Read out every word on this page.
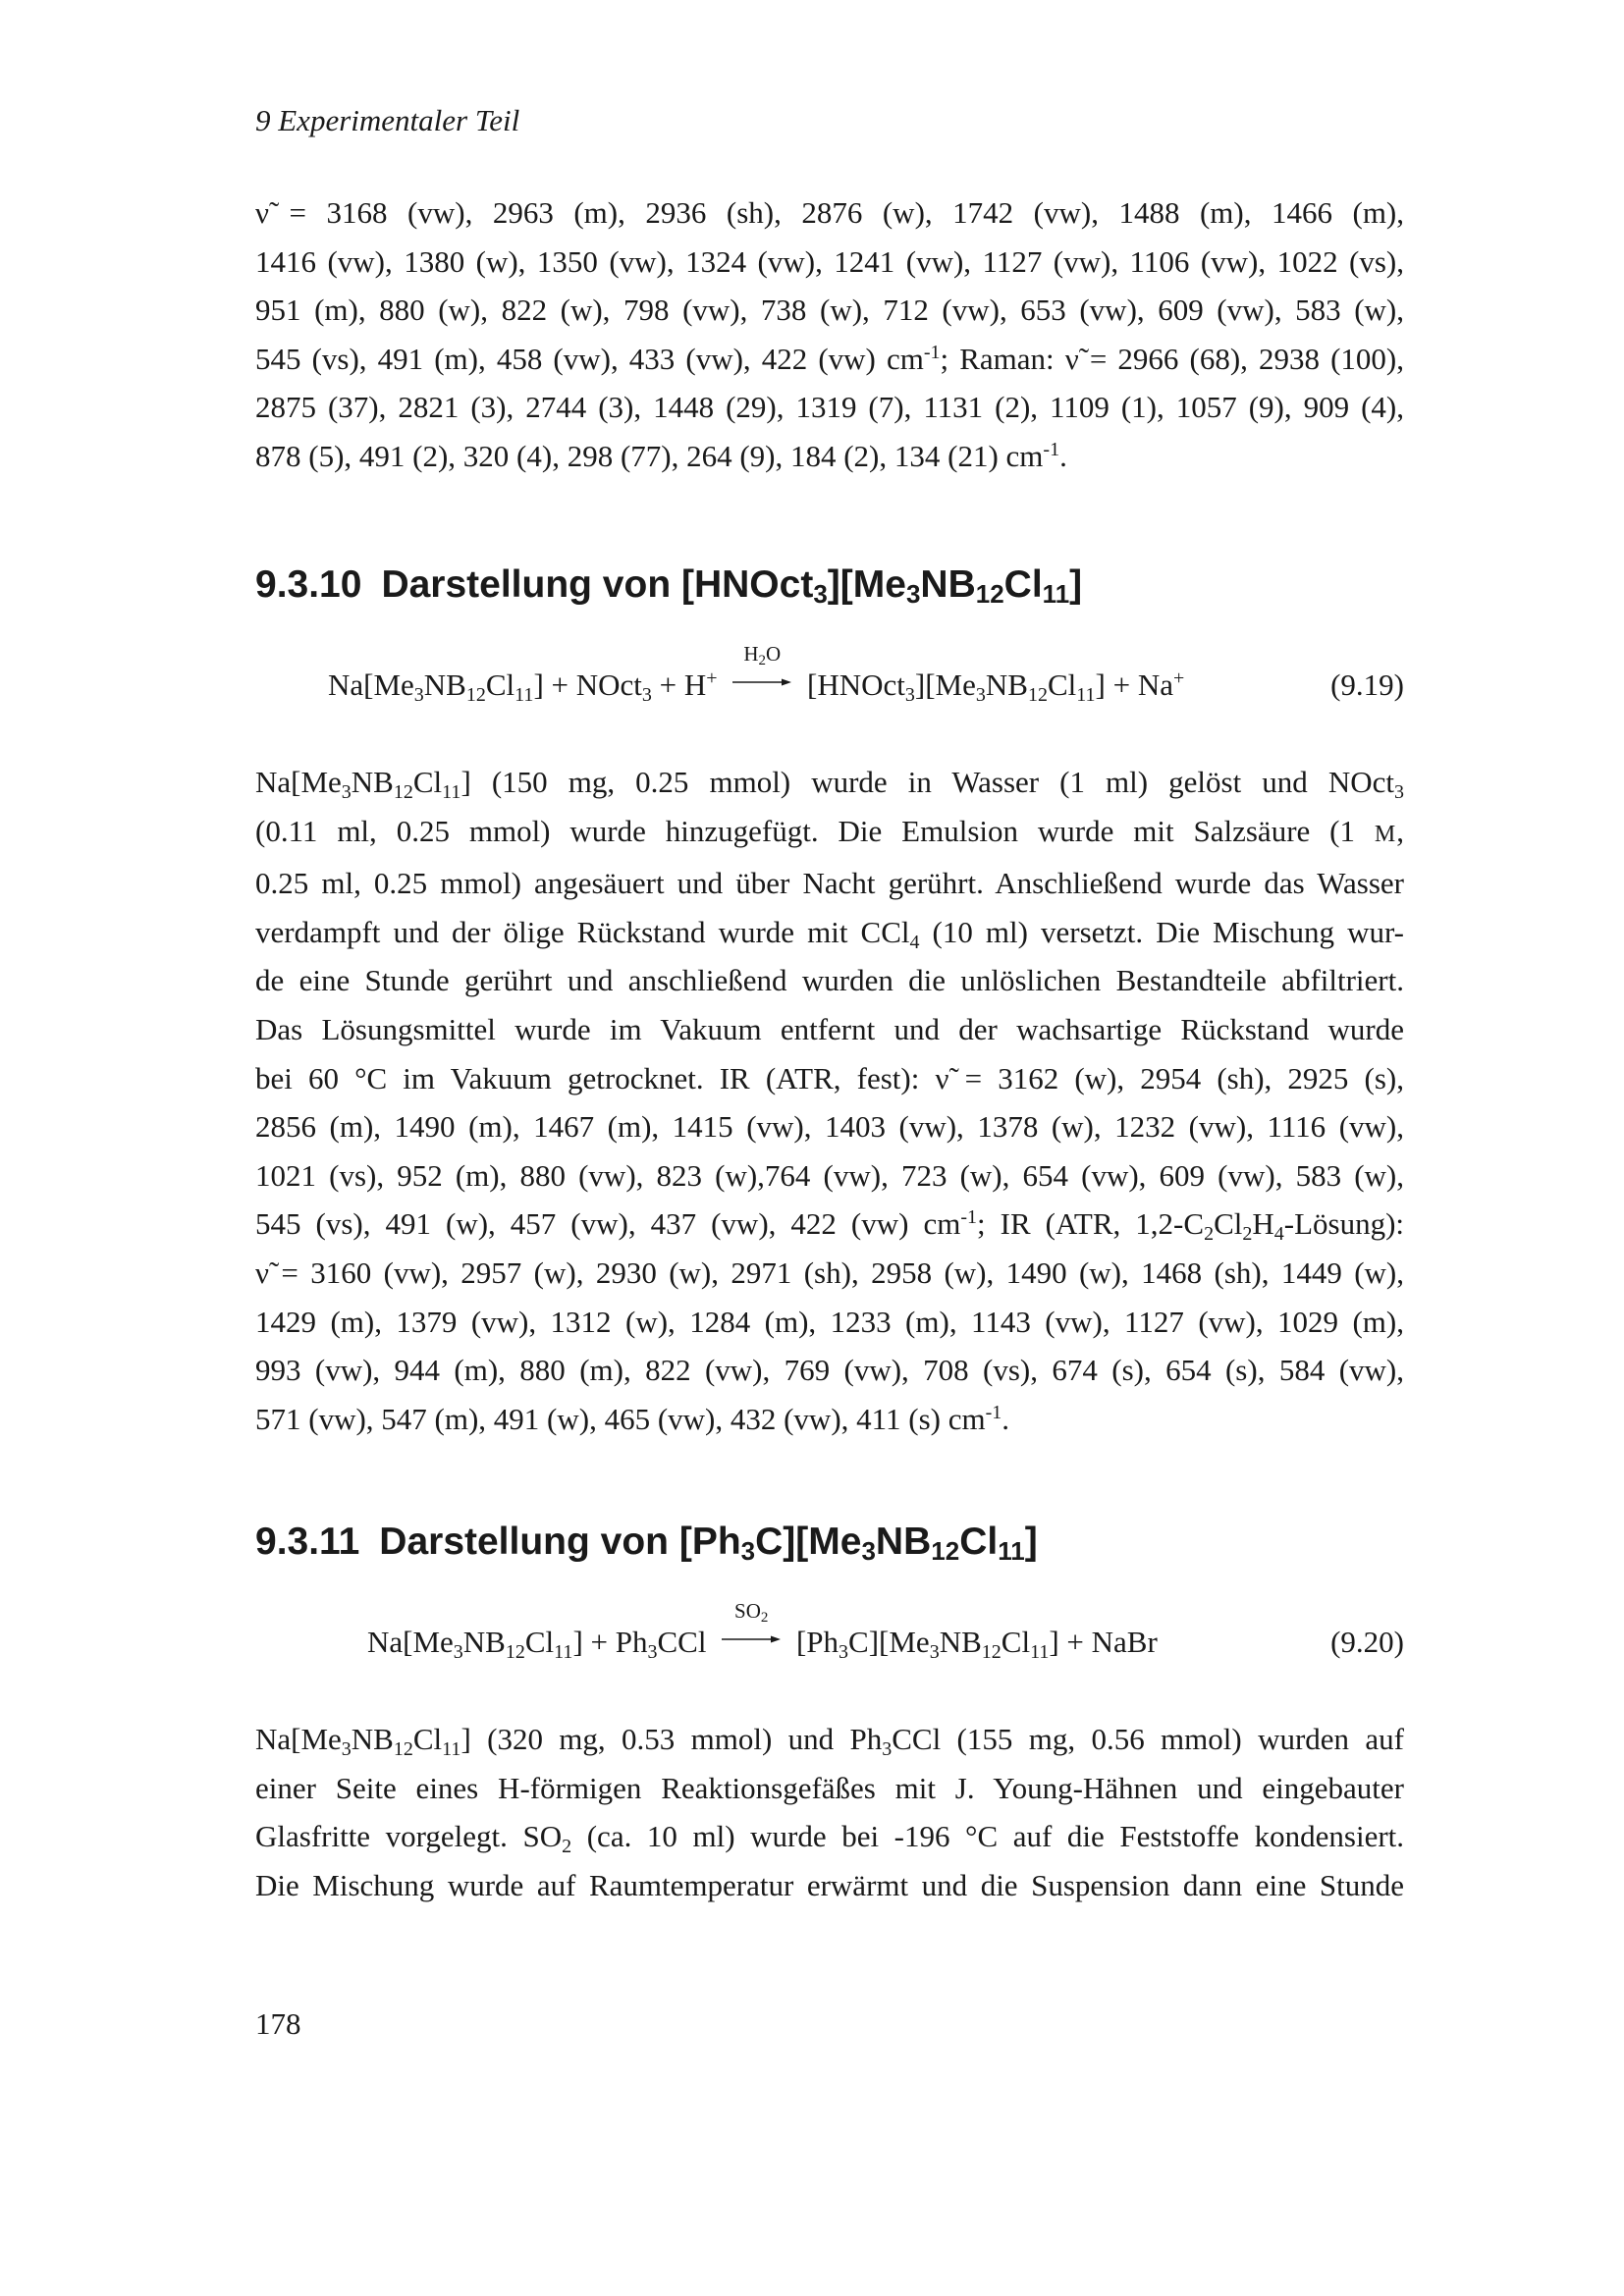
9 Experimentaler Teil

ν̃ = 3168 (vw), 2963 (m), 2936 (sh), 2876 (w), 1742 (vw), 1488 (m), 1466 (m),
1416 (vw), 1380 (w), 1350 (vw), 1324 (vw), 1241 (vw), 1127 (vw), 1106 (vw), 1022 (vs),
951 (m), 880 (w), 822 (w), 798 (vw), 738 (w), 712 (vw), 653 (vw), 609 (vw), 583 (w),
545 (vs), 491 (m), 458 (vw), 433 (vw), 422 (vw) $cm^{-1}$; Raman: ν̃ = 2966 (68), 2938 (100),
2875 (37), 2821 (3), 2744 (3), 1448 (29), 1319 (7), 1131 (2), 1109 (1), 1057 (9), 909 (4),

878 (5), 491 (2), 320 (4), 298 (77), 264 (9), 184 (2), 134 (21) $cm^{-1}$.

9.3.10 Darstellung von $[HNOct_3][Me_3NB_{12}Cl_{11}]$
$Na[Me_3NB_{12}Cl_{11}]$ + NOct$_3$ + H+
$H_2O$
$[HNOct_3][Me_3NB_{12}Cl_{11}] + Na^+$	(9.19)

$Na[Me_3NB_{12}Cl_{11}]$ (150 mg, 0.25 mmol) wurde in Wasser (1 ml) gelöst und NOct$_3$
(0.11 ml, 0.25 mmol) wurde hinzugefügt. Die Emulsion wurde mit Salzsäure (1 M,
0.25 ml, 0.25 mmol) angesäuert und über Nacht gerührt. Anschließend wurde das Wasser
verdampft und der ölige Rückstand wurde mit CCl$_4$ (10 ml) versetzt. Die Mischung wur-
de eine Stunde gerührt und anschließend wurden die unlöslichen Bestandteile abfiltriert.
Das Lösungsmittel wurde im Vakuum entfernt und der wachsartige Rückstand wurde
bei 60 °C im Vakuum getrocknet. IR (ATR, fest): ν̃ = 3162 (w), 2954 (sh), 2925 (s),
2856 (m), 1490 (m), 1467 (m), 1415 (vw), 1403 (vw), 1378 (w), 1232 (vw), 1116 (vw),
1021 (vs), 952 (m), 880 (vw), 823 (w),764 (vw), 723 (w), 654 (vw), 609 (vw), 583 (w),
545 (vs), 491 (w), 457 (vw), 437 (vw), 422 (vw) $cm^{-1}$; IR (ATR, $1,2-C_2Cl_2H_4-Lösung$):
ν̃ = 3160 (vw), 2957 (w), 2930 (w), 2971 (sh), 2958 (w), 1490 (w), 1468 (sh), 1449 (w),
1429 (m), 1379 (vw), 1312 (w), 1284 (m), 1233 (m), 1143 (vw), 1127 (vw), 1029 (m),
993 (vw), 944 (m), 880 (m), 822 (vw), 769 (vw), 708 (vs), 674 (s), 654 (s), 584 (vw),

571 (vw), 547 (m), 491 (w), 465 (vw), 432 (vw), 411 (s) $cm^{-1}$.

9.3.11 Darstellung von $[Ph_3C][Me_3NB_{12}Cl_{11}]$
$Na[Me_3NB_{12}Cl_{11}] + Ph_3CCl$
$SO_2$
$[Ph_3C][Me_3NB_{12}Cl_{11}]$ + NaBr	(9.20)

$Na[Me_3NB_{12}Cl_{11}]$ (320 mg, 0.53 mmol) und $Ph_3CCl$ (155 mg, 0.56 mmol) wurden auf
einer Seite eines H-förmigen Reaktionsgefäßes mit J. Young-Hähnen und eingebauter
Glasfritte vorgelegt. $SO_2$ (ca. 10 ml) wurde bei -196 °C auf die Feststoffe kondensiert.
Die Mischung wurde auf Raumtemperatur erwärmt und die Suspension dann eine Stunde

178
